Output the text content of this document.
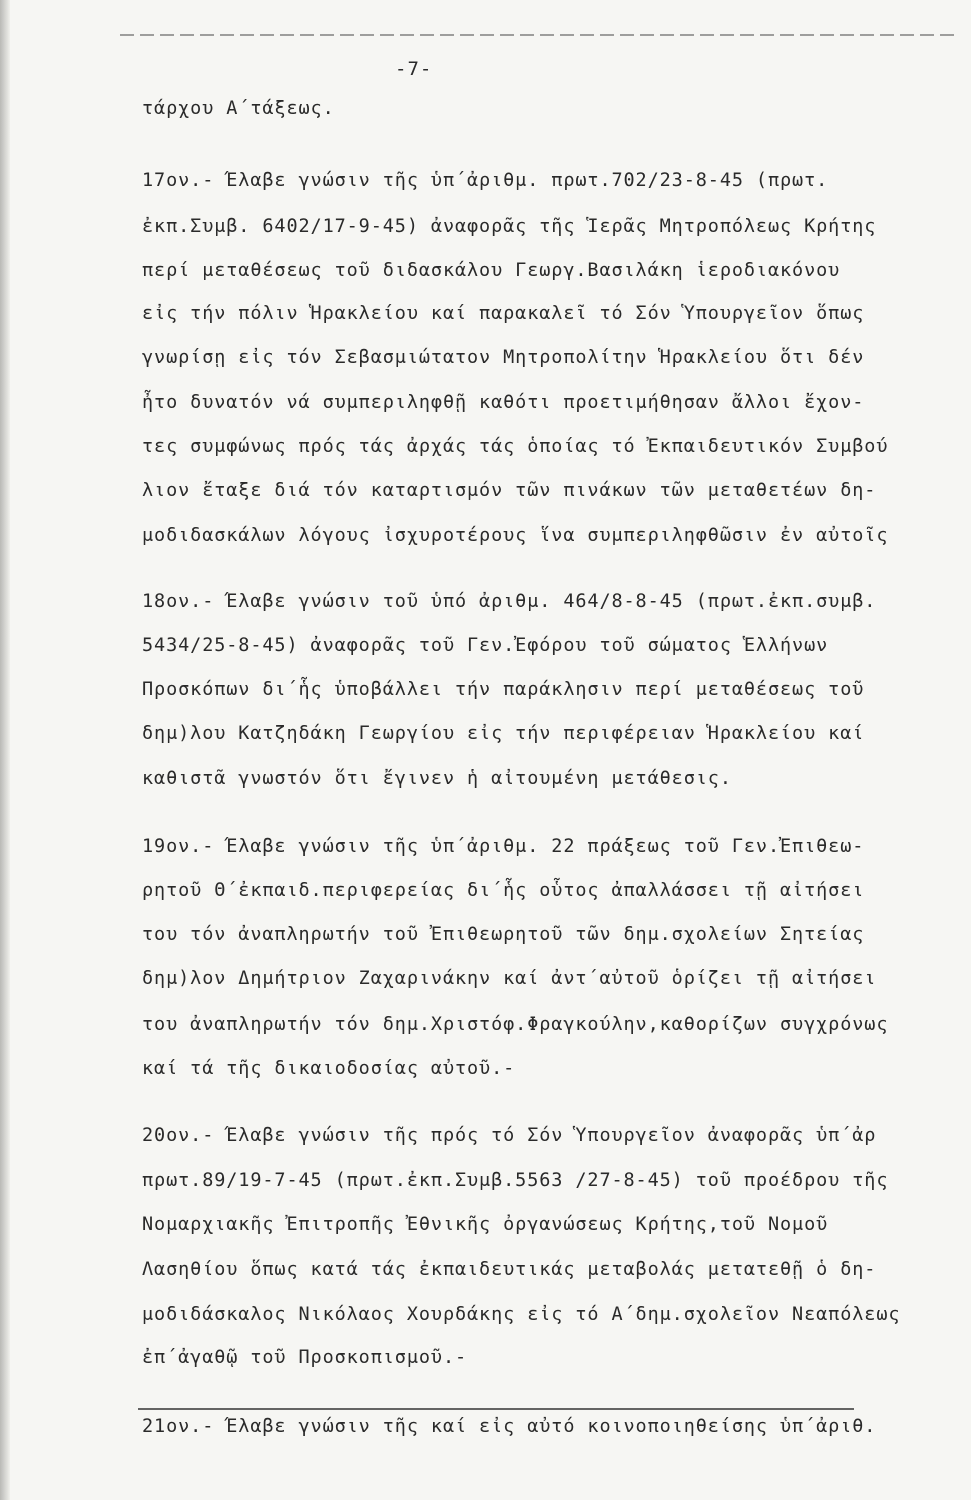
-7-
τάρχου Α΄τάξεως.
17ον.- Έλαβε γνώσιν τῆς ὑπ΄ἀριθμ. πρωτ.702/23-8-45 (πρωτ.
ἐκπ.Συμβ. 6402/17-9-45) ἀναφορᾶς τῆς Ἱερᾶς Μητροπόλεως Κρήτης
περί μεταθέσεως τοῦ διδασκάλου Γεωργ.Βασιλάκη ἱεροδιακόνου
εἰς τήν πόλιν Ἡρακλείου καί παρακαλεῖ τό Σόν Ὑπουργεῖον ὅπως
γνωρίσῃ εἰς τόν Σεβασμιώτατον Μητροπολίτην Ἡρακλείου ὅτι δέν
ἦτο δυνατόν νά συμπεριληφθῇ καθότι προετιμήθησαν ἄλλοι ἔχον-
τες συμφώνως πρός τάς ἀρχάς τάς ὁποίας τό Ἐκπαιδευτικόν Συμβού
λιον ἔταξε διά τόν καταρτισμόν τῶν πινάκων τῶν μεταθετέων δη-
μοδιδασκάλων λόγους ἰσχυροτέρους ἵνα συμπεριληφθῶσιν ἐν αὐτοῖς
18ον.- Έλαβε γνώσιν τοῦ ὑπό ἀριθμ. 464/8-8-45 (πρωτ.ἐκπ.συμβ.
5434/25-8-45) ἀναφορᾶς τοῦ Γεν.Ἐφόρου τοῦ σώματος Ἑλλήνων
Προσκόπων δι΄ἧς ὑποβάλλει τήν παράκλησιν περί μεταθέσεως τοῦ
δημ)λου Κατζηδάκη Γεωργίου εἰς τήν περιφέρειαν Ἡρακλείου καί
καθιστᾶ γνωστόν ὅτι ἔγινεν ἡ αἰτουμένη μετάθεσις.
19ον.- Έλαβε γνώσιν τῆς ὑπ΄ἀριθμ. 22 πράξεως τοῦ Γεν.Ἐπιθεω-
ρητοῦ Θ΄ἐκπαιδ.περιφερείας δι΄ἧς οὗτος ἀπαλλάσσει τῇ αἰτήσει
του τόν ἀναπληρωτήν τοῦ Ἐπιθεωρητοῦ τῶν δημ.σχολείων Σητείας
δημ)λον Δημήτριον Ζαχαρινάκην καί ἀντ΄αὐτοῦ ὁρίζει τῇ αἰτήσει
του ἀναπληρωτήν τόν δημ.Χριστόφ.Φραγκούλην,καθορίζων συγχρόνως
καί τά τῆς δικαιοδοσίας αὐτοῦ.-
20ον.- Έλαβε γνώσιν τῆς πρός τό Σόν Ὑπουργεῖον ἀναφορᾶς ὑπ΄ἀρ
πρωτ.89/19-7-45 (πρωτ.ἐκπ.Συμβ.5563 /27-8-45) τοῦ προέδρου τῆς
Νομαρχιακῆς Ἐπιτροπῆς Ἐθνικῆς ὀργανώσεως Κρήτης,τοῦ Νομοῦ
Λασηθίου ὅπως κατά τάς ἐκπαιδευτικάς μεταβολάς μετατεθῇ ὁ δη-
μοδιδάσκαλος Νικόλαος Χουρδάκης εἰς τό Α΄δημ.σχολεῖον Νεαπόλεως
ἐπ΄ἀγαθῷ τοῦ Προσκοπισμοῦ.-
21ον.- Έλαβε γνώσιν τῆς καί εἰς αὐτό κοινοποιηθείσης ὑπ΄ἀριθ.
